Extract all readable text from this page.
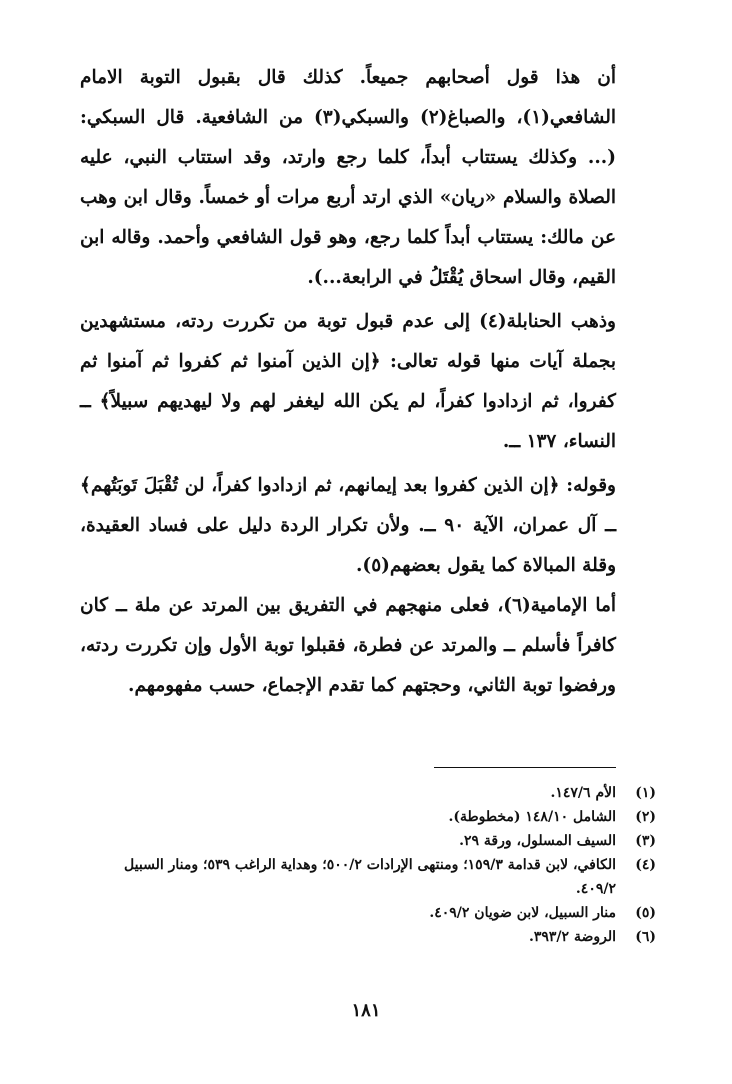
أن هذا قول أصحابهم جميعاً. كذلك قال بقبول التوبة الامام الشافعي(١)، والصباغ(٢) والسبكي(٣) من الشافعية. قال السبكي: (... وكذلك يستتاب أبداً، كلما رجع وارتد، وقد استتاب النبي، عليه الصلاة والسلام «ريان» الذي ارتد أربع مرات أو خمساً. وقال ابن وهب عن مالك: يستتاب أبداً كلما رجع، وهو قول الشافعي وأحمد. وقاله ابن القيم، وقال اسحاق يُقْتَلُ في الرابعة...).

وذهب الحنابلة(٤) إلى عدم قبول توبة من تكررت ردته، مستشهدين بجملة آيات منها قوله تعالى: ﴿إن الذين آمنوا ثم كفروا ثم آمنوا ثم كفروا، ثم ازدادوا كفراً، لم يكن الله ليغفر لهم ولا ليهديهم سبيلاً﴾ ــ النساء، ١٣٧ ــ.

وقوله: ﴿إن الذين كفروا بعد إيمانهم، ثم ازدادوا كفراً، لن تُقْبَلَ تَوبَتُهم﴾ ــ آل عمران، الآية ٩٠ ــ. ولأن تكرار الردة دليل على فساد العقيدة، وقلة المبالاة كما يقول بعضهم(٥).

أما الإمامية(٦)، فعلى منهجهم في التفريق بين المرتد عن ملة ــ كان كافراً فأسلم ــ والمرتد عن فطرة، فقبلوا توبة الأول وإن تكررت ردته، ورفضوا توبة الثاني، وحجتهم كما تقدم الإجماع، حسب مفهومهم.

(١)
الأم ١٤٧/٦.
(٢)
الشامل ١٤٨/١٠ (مخطوطة).
(٣)
السيف المسلول، ورقة ٢٩.
(٤)
الكافي، لابن قدامة ١٥٩/٣؛ ومنتهى الإرادات ٥٠٠/٢؛ وهداية الراغب ٥٣٩؛ ومنار السبيل ٤٠٩/٢.
(٥)
منار السبيل، لابن ضويان ٤٠٩/٢.
(٦)
الروضة ٣٩٣/٢.
١٨١
